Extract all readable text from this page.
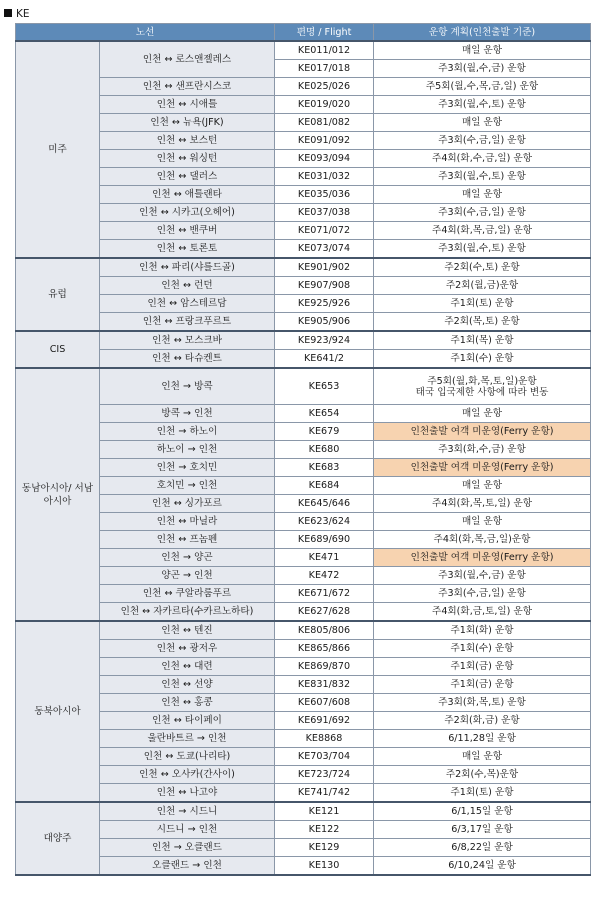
KE
노선		편명 / Flight	운항 계획(인천출발 기준)
미주	인천 ↔ 로스앤젤레스	KE011/012	매일 운항
		KE017/018	주3회(월,수,금) 운항
	인천 ↔ 샌프란시스코	KE025/026	주5회(월,수,목,금,일) 운항
	인천 ↔ 시애틀	KE019/020	주3회(월,수,토) 운항
	인천 ↔ 뉴욕(JFK)	KE081/082	매일 운항
	인천 ↔ 보스턴	KE091/092	주3회(수,금,일) 운항
	인천 ↔ 워싱턴	KE093/094	주4회(화,수,금,일) 운항
	인천 ↔ 댈러스	KE031/032	주3회(월,수,토) 운항
	인천 ↔ 애틀랜타	KE035/036	매일 운항
	인천 ↔ 시카고(오헤어)	KE037/038	주3회(수,금,일) 운항
	인천 ↔ 밴쿠버	KE071/072	주4회(화,목,금,일) 운항
	인천 ↔ 토론토	KE073/074	주3회(월,수,토) 운항
유럽	인천 ↔ 파리(샤를드골)	KE901/902	주2회(수,토) 운항
	인천 ↔ 런던	KE907/908	주2회(월,금)운항
	인천 ↔ 암스테르담	KE925/926	주1회(토) 운항
	인천 ↔ 프랑크푸르트	KE905/906	주2회(목,토) 운항
CIS	인천 ↔ 모스크바	KE923/924	주1회(목) 운항
	인천 ↔ 타슈켄트	KE641/2	주1회(수) 운항
동남아시아/ 서남아시아	인천 → 방콕	KE653	주5회(월,화,목,토,일)운항
태국 입국제한 사항에 따라 변동

	방콕 → 인천	KE654	매일 운항
	인천 → 하노이	KE679	인천출발 여객 미운영(Ferry 운항)
	하노이 → 인천	KE680	주3회(화,수,금) 운항
	인천 → 호치민	KE683	인천출발 여객 미운영(Ferry 운항)
	호치민 → 인천	KE684	매일 운항
	인천 ↔ 싱가포르	KE645/646	주4회(화,목,토,일) 운항
	인천 ↔ 마닐라	KE623/624	매일 운항
	인천 ↔ 프놈펜	KE689/690	주4회(화,목,금,일)운항
	인천 → 양곤	KE471	인천출발 여객 미운영(Ferry 운항)
	양곤 → 인천	KE472	주3회(월,수,금) 운항
	인천 ↔ 쿠알라룸푸르	KE671/672	주3회(수,금,일) 운항
	인천 ↔ 자카르타(수카르노하타)	KE627/628	주4회(화,금,토,일) 운항
동북아시아	인천 ↔ 텐진	KE805/806	주1회(화) 운항
	인천 ↔ 광저우	KE865/866	주1회(수) 운항
	인천 ↔ 대련	KE869/870	주1회(금) 운항
	인천 ↔ 선양	KE831/832	주1회(금) 운항
	인천 ↔ 홍콩	KE607/608	주3회(화,목,토) 운항
	인천 ↔ 타이페이	KE691/692	주2회(화,금) 운항
	울란바트르 → 인천	KE8868	6/11,28일 운항
	인천 ↔ 도쿄(나리타)	KE703/704	매일 운항
	인천 ↔ 오사카(간사이)	KE723/724	주2회(수,목)운항
	인천 ↔ 나고야	KE741/742	주1회(토) 운항
대양주	인천 → 시드니	KE121	6/1,15일 운항
	시드니 → 인천	KE122	6/3,17일 운항
	인천 → 오클랜드	KE129	6/8,22일 운항
	오클랜드 → 인천	KE130	6/10,24일 운항
